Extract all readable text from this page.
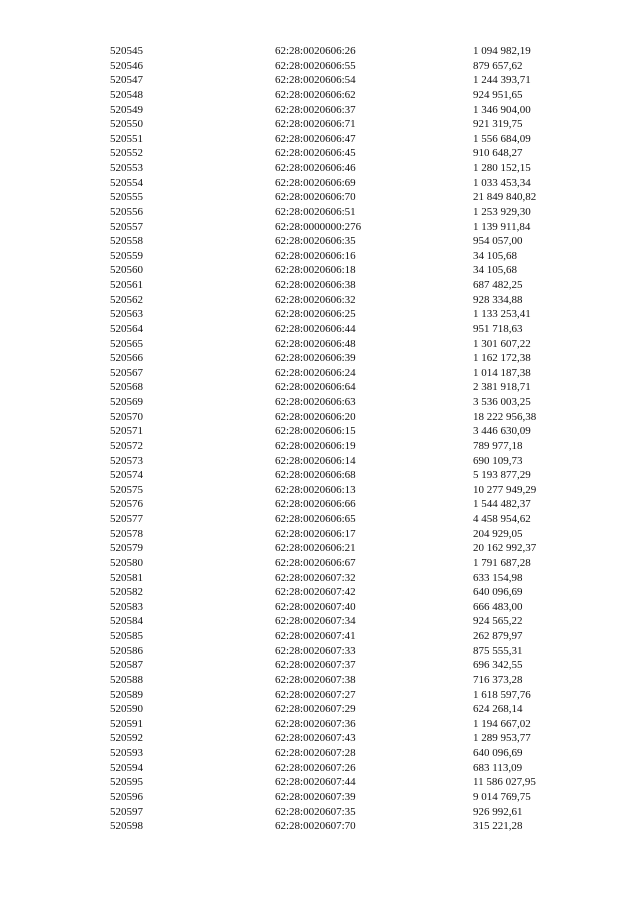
	520545	62:28:0020606:26	1 094 982,19
	520546	62:28:0020606:55	879 657,62
	520547	62:28:0020606:54	1 244 393,71
	520548	62:28:0020606:62	924 951,65
	520549	62:28:0020606:37	1 346 904,00
	520550	62:28:0020606:71	921 319,75
	520551	62:28:0020606:47	1 556 684,09
	520552	62:28:0020606:45	910 648,27
	520553	62:28:0020606:46	1 280 152,15
	520554	62:28:0020606:69	1 033 453,34
	520555	62:28:0020606:70	21 849 840,82
	520556	62:28:0020606:51	1 253 929,30
	520557	62:28:0000000:276	1 139 911,84
	520558	62:28:0020606:35	954 057,00
	520559	62:28:0020606:16	34 105,68
	520560	62:28:0020606:18	34 105,68
	520561	62:28:0020606:38	687 482,25
	520562	62:28:0020606:32	928 334,88
	520563	62:28:0020606:25	1 133 253,41
	520564	62:28:0020606:44	951 718,63
	520565	62:28:0020606:48	1 301 607,22
	520566	62:28:0020606:39	1 162 172,38
	520567	62:28:0020606:24	1 014 187,38
	520568	62:28:0020606:64	2 381 918,71
	520569	62:28:0020606:63	3 536 003,25
	520570	62:28:0020606:20	18 222 956,38
	520571	62:28:0020606:15	3 446 630,09
	520572	62:28:0020606:19	789 977,18
	520573	62:28:0020606:14	690 109,73
	520574	62:28:0020606:68	5 193 877,29
	520575	62:28:0020606:13	10 277 949,29
	520576	62:28:0020606:66	1 544 482,37
	520577	62:28:0020606:65	4 458 954,62
	520578	62:28:0020606:17	204 929,05
	520579	62:28:0020606:21	20 162 992,37
	520580	62:28:0020606:67	1 791 687,28
	520581	62:28:0020607:32	633 154,98
	520582	62:28:0020607:42	640 096,69
	520583	62:28:0020607:40	666 483,00
	520584	62:28:0020607:34	924 565,22
	520585	62:28:0020607:41	262 879,97
	520586	62:28:0020607:33	875 555,31
	520587	62:28:0020607:37	696 342,55
	520588	62:28:0020607:38	716 373,28
	520589	62:28:0020607:27	1 618 597,76
	520590	62:28:0020607:29	624 268,14
	520591	62:28:0020607:36	1 194 667,02
	520592	62:28:0020607:43	1 289 953,77
	520593	62:28:0020607:28	640 096,69
	520594	62:28:0020607:26	683 113,09
	520595	62:28:0020607:44	11 586 027,95
	520596	62:28:0020607:39	9 014 769,75
	520597	62:28:0020607:35	926 992,61
	520598	62:28:0020607:70	315 221,28
